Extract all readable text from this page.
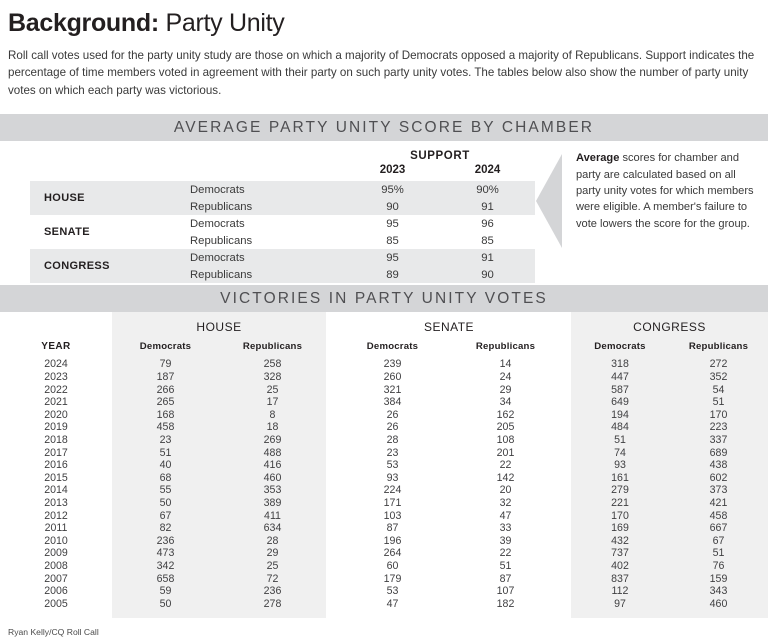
Background: Party Unity

Roll call votes used for the party unity study are those on which a majority of Democrats opposed a majority of Republicans. Support indicates the percentage of time members voted in agreement with their party on such party unity votes. The tables below also show the number of party unity votes on which each party was victorious.

AVERAGE PARTY UNITY SCORE BY CHAMBER
		SUPPORT	
		2023	2024
HOUSE	Democrats	95%	90%
	Republicans	90	91
SENATE	Democrats	95	96
	Republicans	85	85
CONGRESS	Democrats	95	91
	Republicans	89	90
Average scores for chamber and party are calculated based on all party unity votes for which members were eligible. A member's failure to vote lowers the score for the group.
VICTORIES IN PARTY UNITY VOTES
	HOUSE			SENATE			CONGRESS	
YEAR	Democrats	Republicans		Democrats	Republicans		Democrats	Republicans
2024	79	258		239	14		318	272
2023	187	328		260	24		447	352
2022	266	25		321	29		587	54
2021	265	17		384	34		649	51
2020	168	8		26	162		194	170
2019	458	18		26	205		484	223
2018	23	269		28	108		51	337
2017	51	488		23	201		74	689
2016	40	416		53	22		93	438
2015	68	460		93	142		161	602
2014	55	353		224	20		279	373
2013	50	389		171	32		221	421
2012	67	411		103	47		170	458
2011	82	634		87	33		169	667
2010	236	28		196	39		432	67
2009	473	29		264	22		737	51
2008	342	25		60	51		402	76
2007	658	72		179	87		837	159
2006	59	236		53	107		112	343
2005	50	278		47	182		97	460

Ryan Kelly/CQ Roll Call
